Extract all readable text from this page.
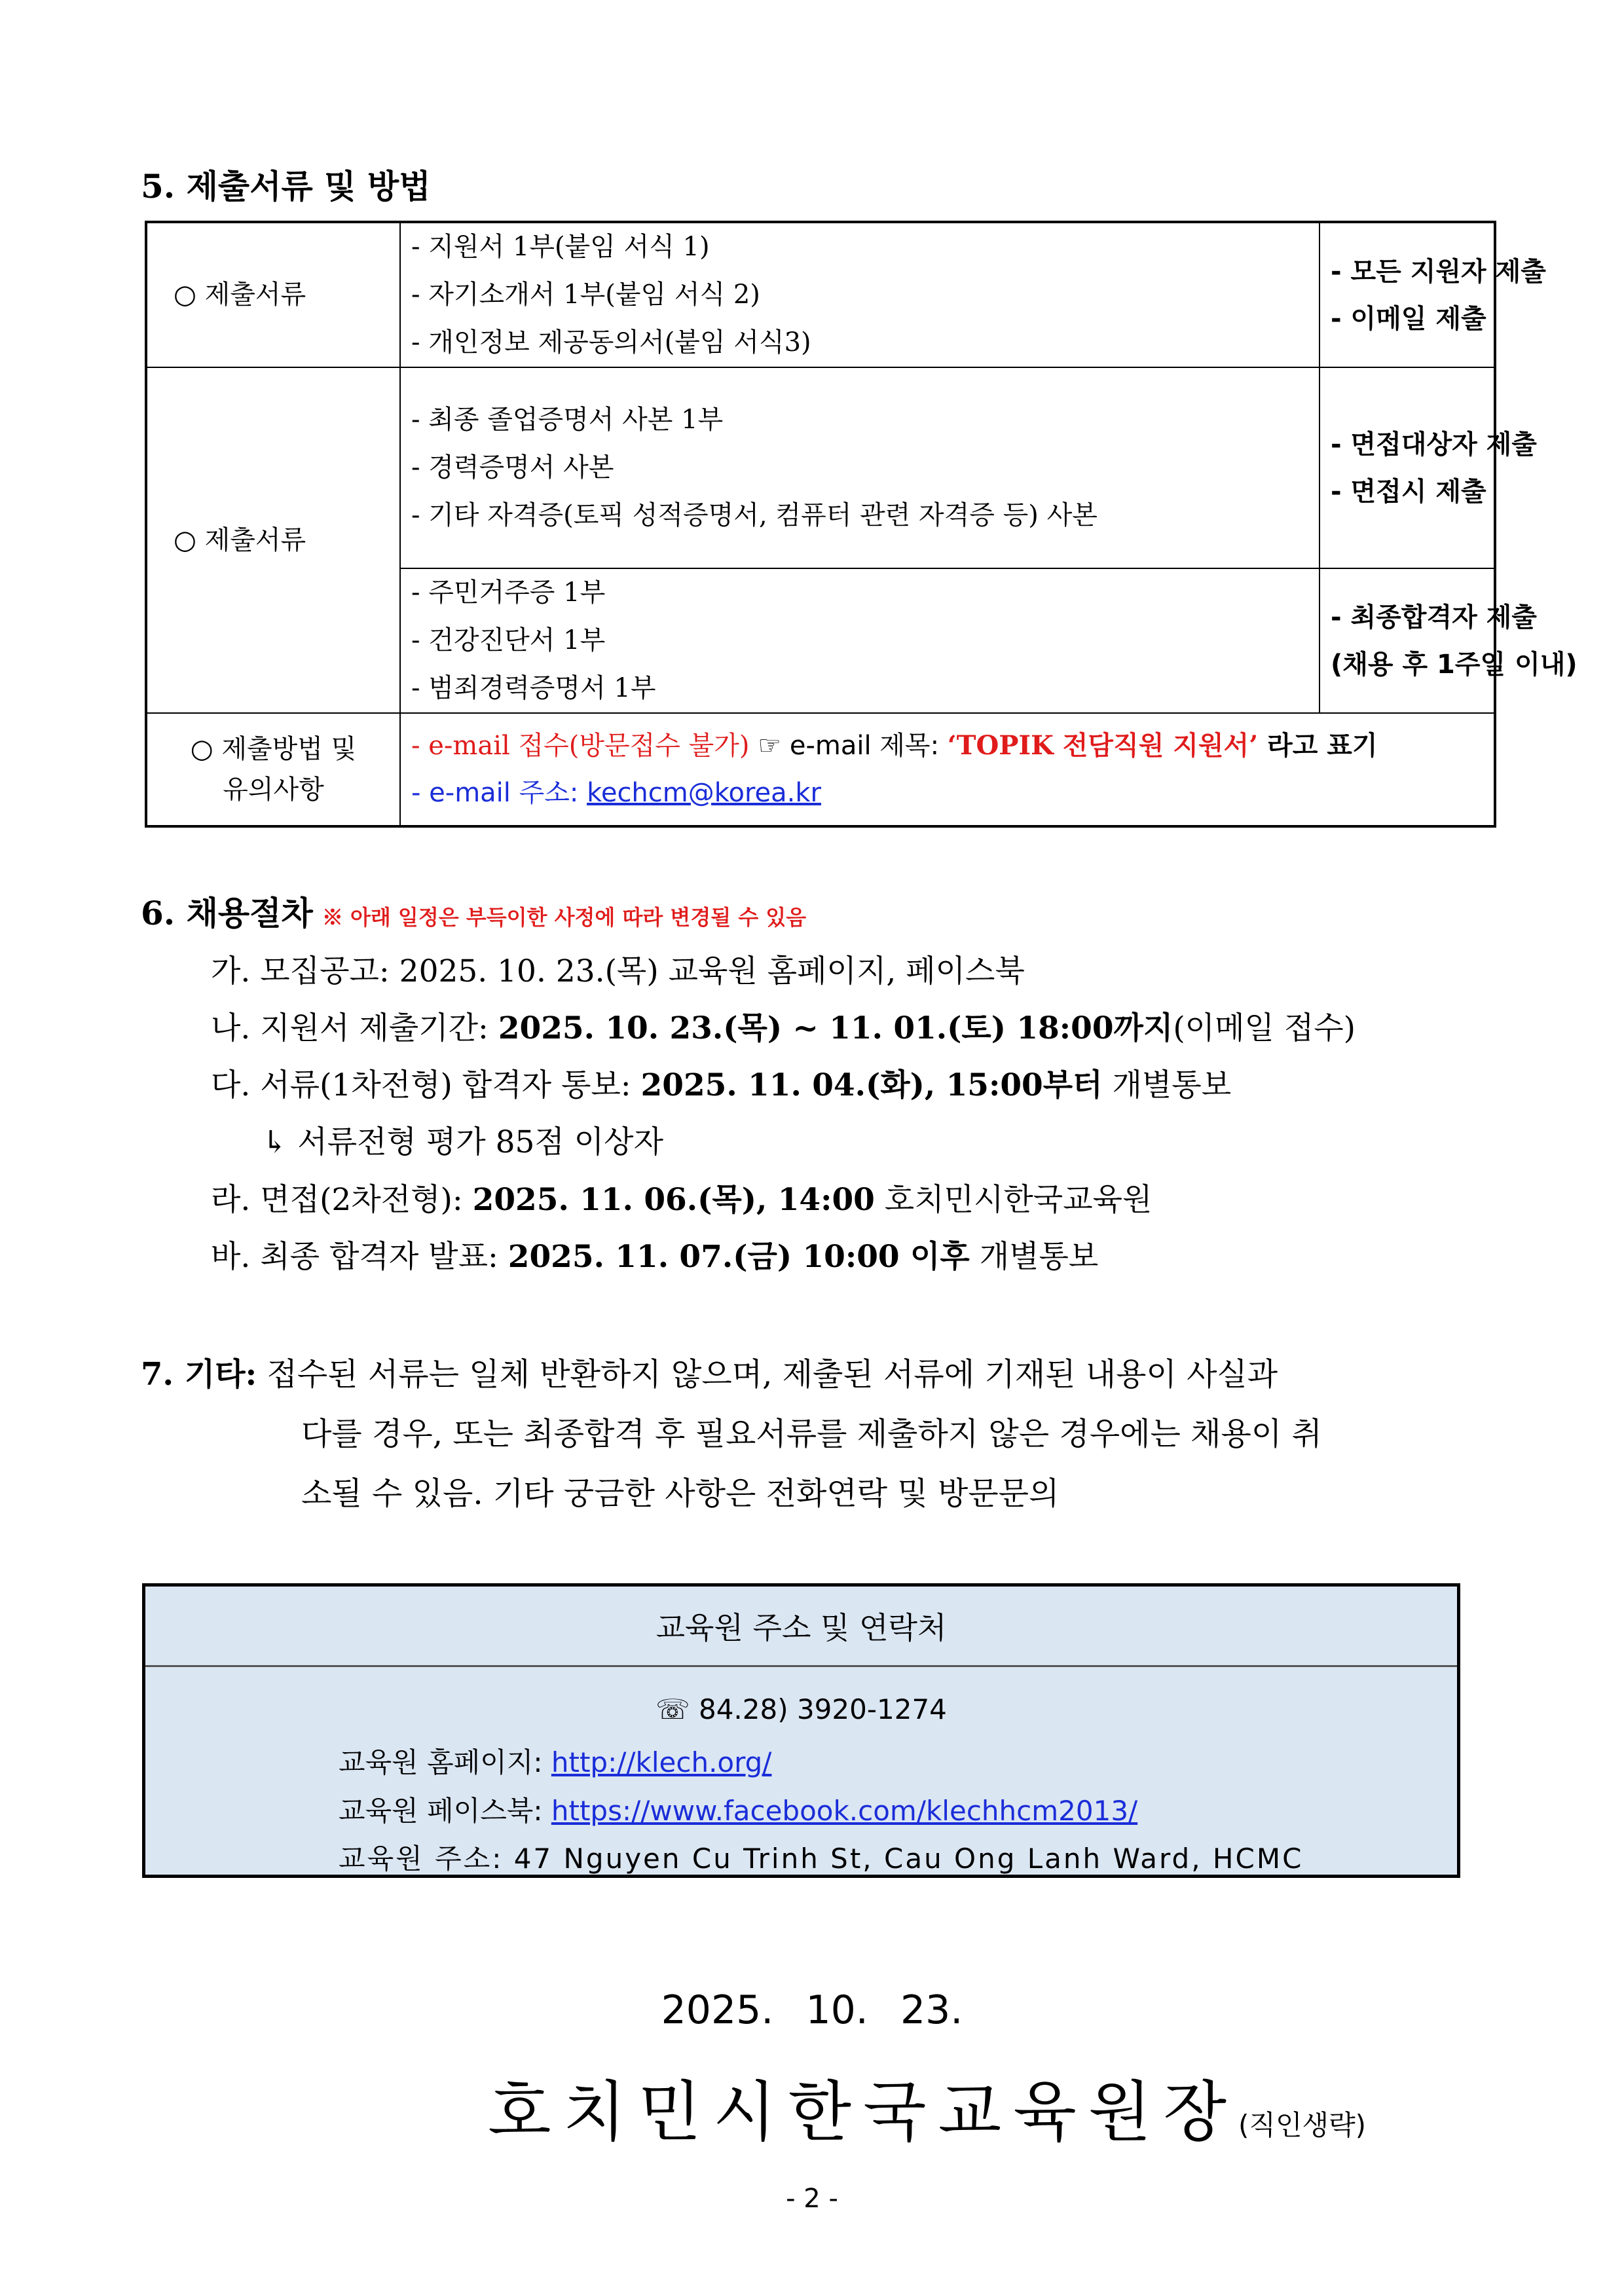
5. 제출서류 및 방법
○ 제출서류	- 지원서 1부(붙임 서식 1)
- 자기소개서 1부(붙임 서식 2)
- 개인정보 제공동의서(붙임 서식3)	- 모든 지원자 제출
- 이메일 제출

○ 제출서류	- 최종 졸업증명서 사본 1부
- 경력증명서 사본
- 기타 자격증(토픽 성적증명서, 컴퓨터 관련 자격증 등) 사본	- 면접대상자 제출
- 면접시 제출

	- 주민거주증 1부
- 건강진단서 1부
- 범죄경력증명서 1부	- 최종합격자 제출
(채용 후 1주일 이내)

○ 제출방법 및
유의사항	- e-mail 접수(방문접수 불가) ☞ e-mail 제목: ‘TOPIK 전담직원 지원서’ 라고 표기
- e-mail 주소: kechcm@korea.kr	
6. 채용절차 ※ 아래 일정은 부득이한 사정에 따라 변경될 수 있음
가. 모집공고: 2025. 10. 23.(목) 교육원 홈페이지, 페이스북
나. 지원서 제출기간: 2025. 10. 23.(목) ~ 11. 01.(토) 18:00까지(이메일 접수)
다. 서류(1차전형) 합격자 통보: 2025. 11. 04.(화), 15:00부터 개별통보
↳ 서류전형 평가 85점 이상자
라. 면접(2차전형): 2025. 11. 06.(목), 14:00 호치민시한국교육원
바. 최종 합격자 발표: 2025. 11. 07.(금) 10:00 이후 개별통보
7. 기타: 접수된 서류는 일체 반환하지 않으며, 제출된 서류에 기재된 내용이 사실과
다를 경우, 또는 최종합격 후 필요서류를 제출하지 않은 경우에는 채용이 취
소될 수 있음. 기타 궁금한 사항은 전화연락 및 방문문의
교육원 주소 및 연락처
☏ 84.28) 3920-1274
교육원 홈페이지: http://klech.org/
교육원 페이스북: https://www.facebook.com/klechhcm2013/
교육원 주소: 47 Nguyen Cu Trinh St, Cau Ong Lanh Ward, HCMC
2025. 10. 23.
호치민시한국교육원장(직인생략)
- 2 -
